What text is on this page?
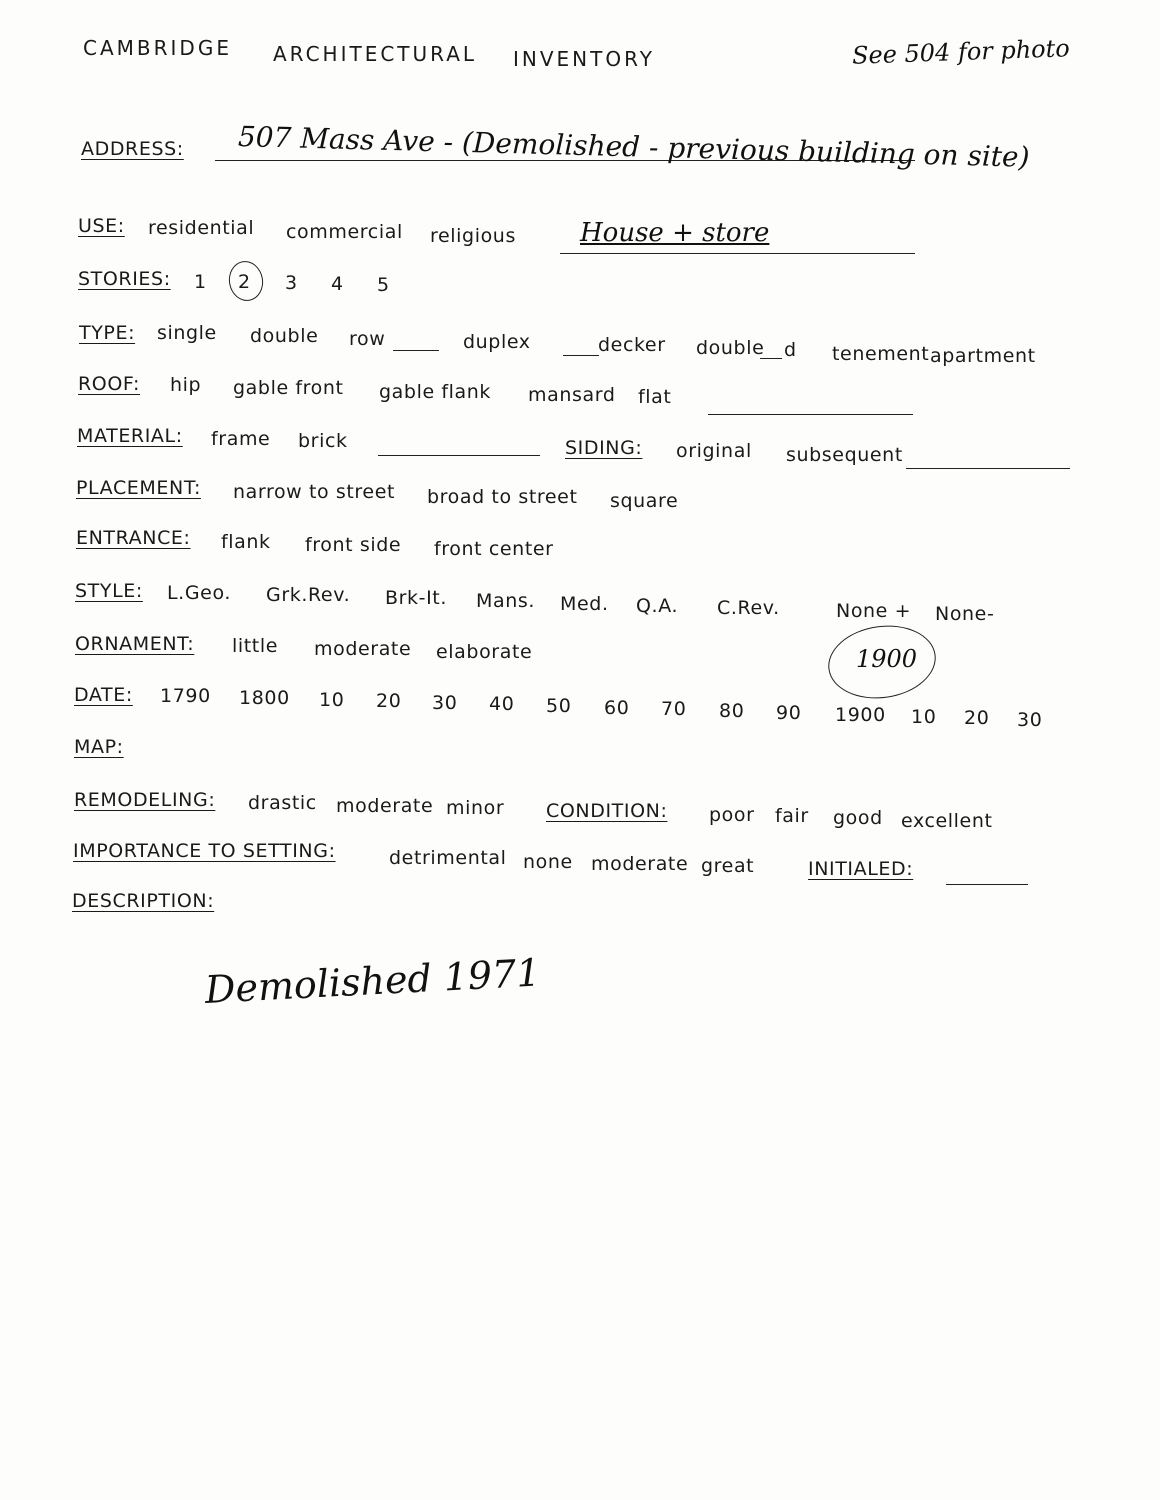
CAMBRIDGE ARCHITECTURAL INVENTORY	See 504 for photo
ADDRESS: 507 Mass Ave - (Demolished - previous building on site)
USE: residential commercial religious House + store
STORIES: 1 2 3 4 5
TYPE: single double row	duplex	decker double d tenement apartment
ROOF: hip gable front gable flank mansard flat
MATERIAL: frame brick	SIDING: original subsequent
PLACEMENT: narrow to street broad to street square
ENTRANCE: flank front side front center
STYLE: L.Geo. Grk.Rev. Brk-It. Mans. Med. Q.A. C.Rev.	None + None-
ORNAMENT: little moderate elaborate	1900
DATE: 1790 1800 10 20 30 40 50 60 70 80 90 1900 10 20 30
MAP:
REMODELING: drastic moderate minor CONDITION: poor fair good excellent
IMPORTANCE TO SETTING:	detrimental none moderate great	INITIALED:
DESCRIPTION:
Demolished 1971
